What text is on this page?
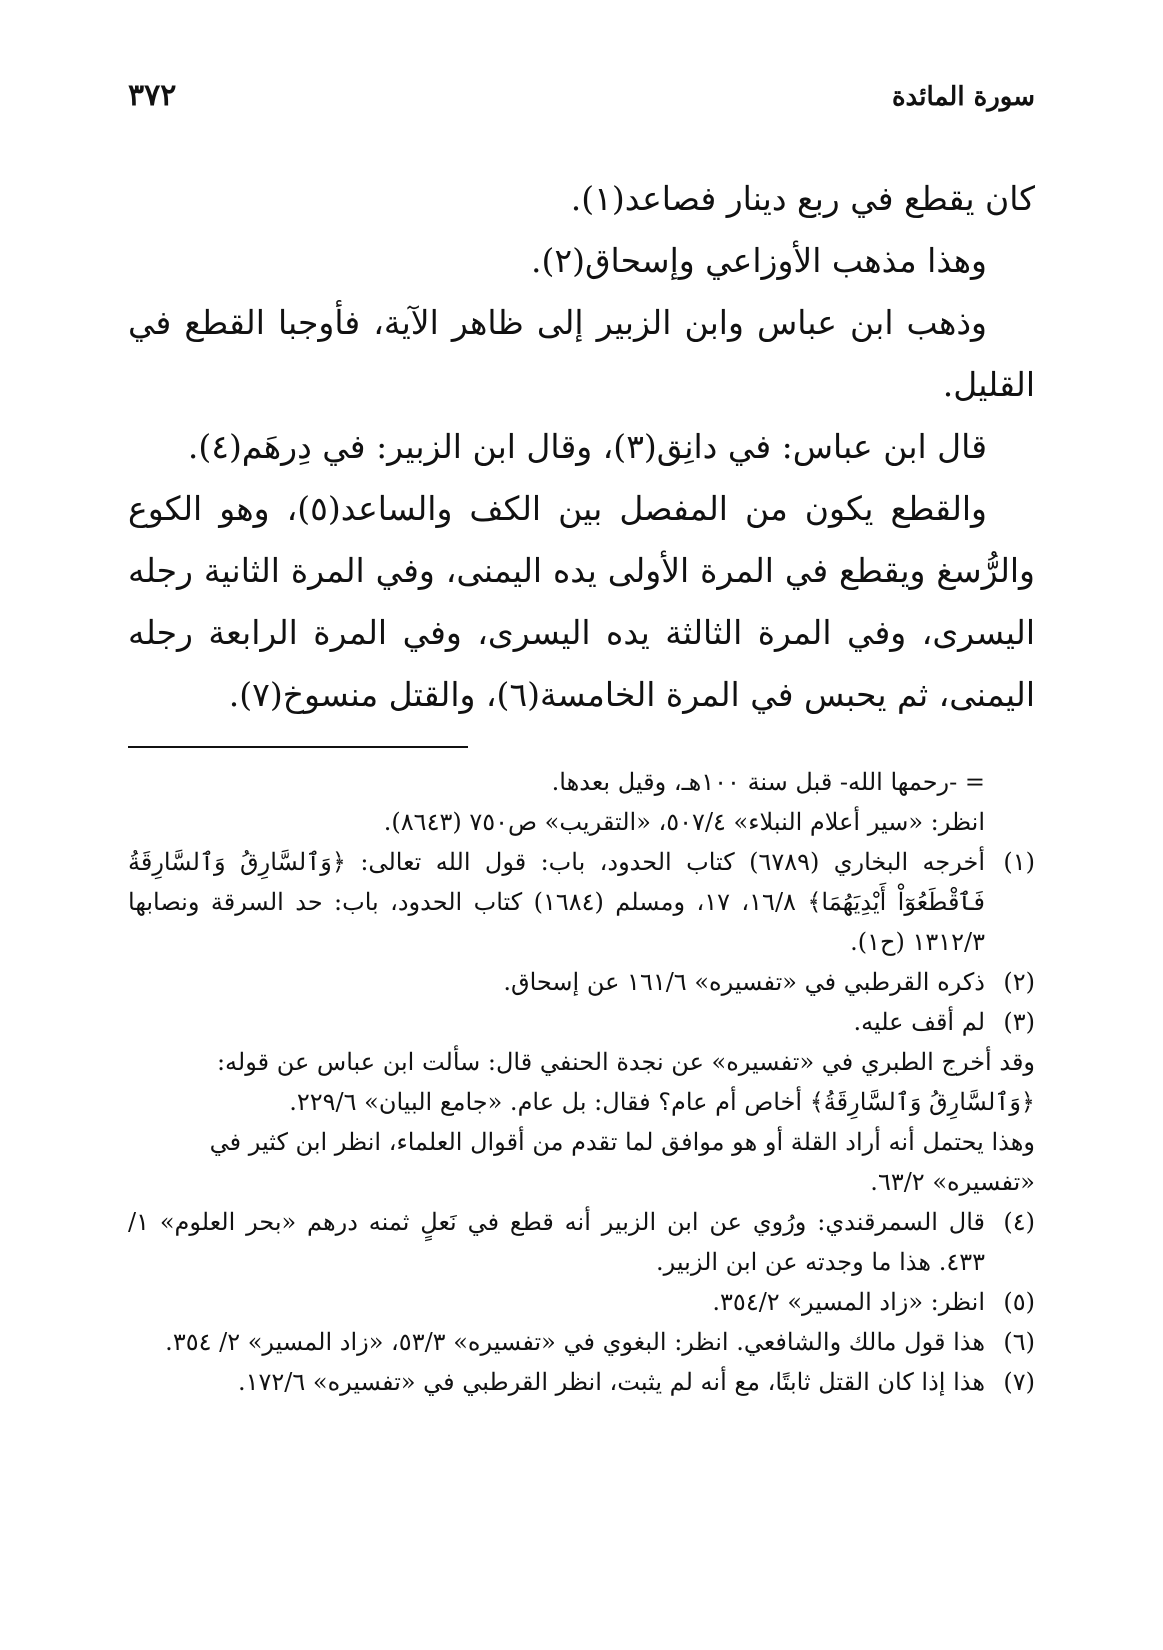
سورة المائدة
٣٧٢

كان يقطع في ربع دينار فصاعد(١).

وهذا مذهب الأوزاعي وإسحاق(٢).

وذهب ابن عباس وابن الزبير إلى ظاهر الآية، فأوجبا القطع في القليل.

قال ابن عباس: في دانِق(٣)، وقال ابن الزبير: في دِرهَم(٤).

والقطع يكون من المفصل بين الكف والساعد(٥)، وهو الكوع والرُّسغ ويقطع في المرة الأولى يده اليمنى، وفي المرة الثانية رجله اليسرى، وفي المرة الثالثة يده اليسرى، وفي المرة الرابعة رجله اليمنى، ثم يحبس في المرة الخامسة(٦)، والقتل منسوخ(٧).

= -رحمها الله- قبل سنة ١٠٠هـ، وقيل بعدها.

انظر: «سير أعلام النبلاء» ٥٠٧/٤، «التقريب» ص٧٥٠ (٨٦٤٣).

(١)
أخرجه البخاري (٦٧٨٩) كتاب الحدود، باب: قول الله تعالى: ﴿وَٱلسَّارِقُ وَٱلسَّارِقَةُ فَٱقْطَعُوٓاْ أَيْدِيَهُمَا﴾ ١٦/٨، ١٧، ومسلم (١٦٨٤) كتاب الحدود، باب: حد السرقة ونصابها ١٣١٢/٣ (ح١).
(٢)
ذكره القرطبي في «تفسيره» ١٦١/٦ عن إسحاق.
(٣)
لم أقف عليه.

وقد أخرج الطبري في «تفسيره» عن نجدة الحنفي قال: سألت ابن عباس عن قوله: ﴿وَٱلسَّارِقُ وَٱلسَّارِقَةُ﴾ أخاص أم عام؟ فقال: بل عام. «جامع البيان» ٢٢٩/٦.

وهذا يحتمل أنه أراد القلة أو هو موافق لما تقدم من أقوال العلماء، انظر ابن كثير في «تفسيره» ٦٣/٢.

(٤)
قال السمرقندي: ورُوي عن ابن الزبير أنه قطع في نَعلٍ ثمنه درهم «بحر العلوم» ١/ ٤٣٣. هذا ما وجدته عن ابن الزبير.
(٥)
انظر: «زاد المسير» ٣٥٤/٢.
(٦)
هذا قول مالك والشافعي. انظر: البغوي في «تفسيره» ٥٣/٣، «زاد المسير» ٢/ ٣٥٤.
(٧)
هذا إذا كان القتل ثابتًا، مع أنه لم يثبت، انظر القرطبي في «تفسيره» ١٧٢/٦.
